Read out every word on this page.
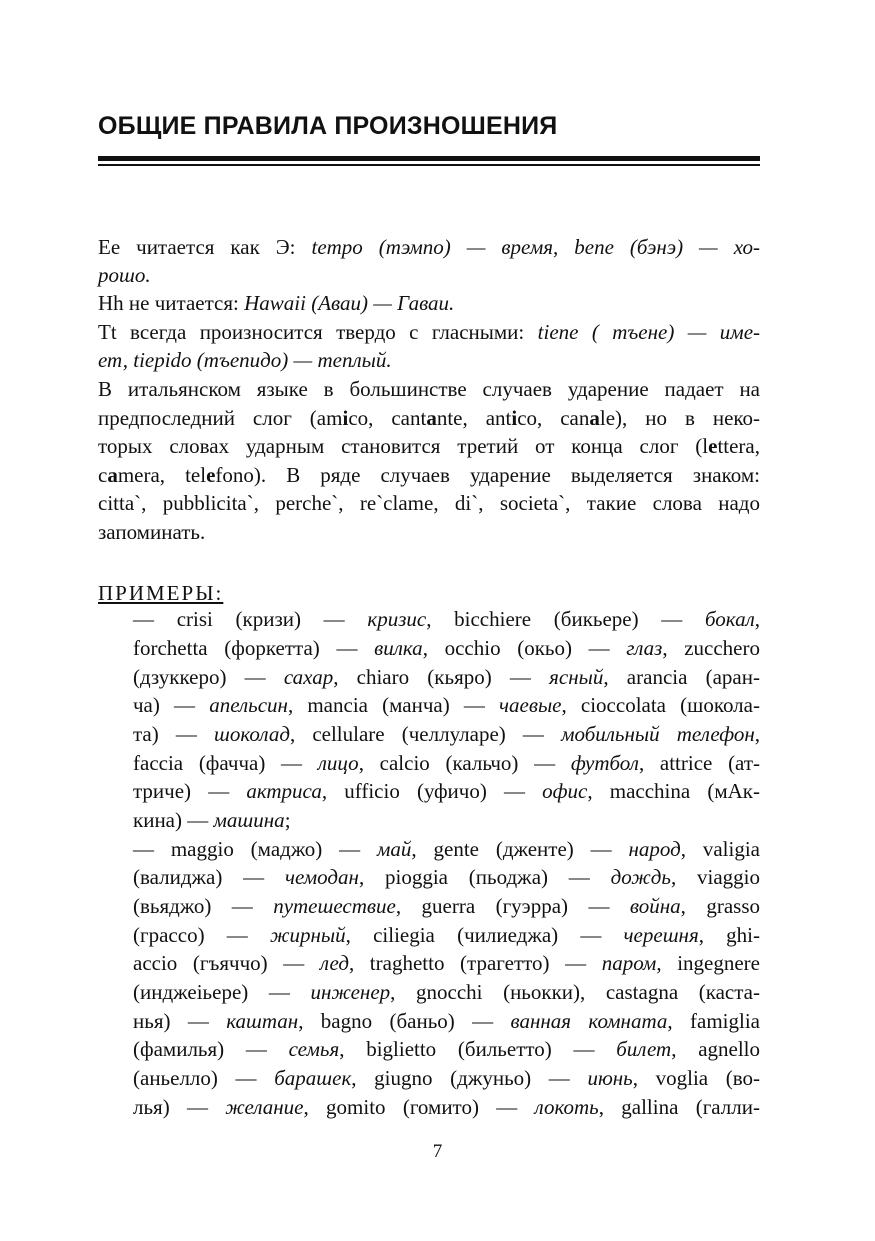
ОБЩИЕ ПРАВИЛА ПРОИЗНОШЕНИЯ
Ee читается как Э: tempo (тэмпо) — время, bene (бэнэ) — хо-
рошо.
Hh не читается: Hawaii (Аваи) — Гаваи.
Tt всегда произносится твердо с гласными: tiene ( тъене) — име-
ет, tiepido (тъепидо) — теплый.
В итальянском языке в большинстве случаев ударение падает на
предпоследний слог (amico, cantante, antico, canale), но в неко-
торых словах ударным становится третий от конца слог (lettera,
camera, telefono). В ряде случаев ударение выделяется знаком:
citta`, pubblicita`, perche`, re`clame, di`, societa`, такие слова надо
запоминать.
— crisi (кризи) — кризис, bicchiere (бикьере) — бокал,
forchetta (форкетта) — вилка, occhio (окьо) — глаз, zucchero
(дзуккеро) — сахар, chiaro (кьяро) — ясный, arancia (аран-
ча) — апельсин, mancia (манча) — чаевые, cioccolata (шокола-
та) — шоколад, cellulare (челлуларе) — мобильный телефон,
faccia (фачча) — лицо, calcio (кальчо) — футбол, attrice (ат-
триче) — актриса, ufficio (уфичо) — офис, macchina (мАк-
кина) — машина;
— maggio (маджо) — май, gente (дженте) — народ, valigia
(валиджа) — чемодан, pioggia (пьоджа) — дождь, viaggio
(вьяджо) — путешествие, guerra (гуэрра) — война, grasso
(грассо) — жирный, ciliegia (чилиеджа) — черешня, ghi-
accio (гъяччо) — лед, traghetto (трагетто) — паром, ingegnere
(инджеiьере) — инженер, gnocchi (ньокки), castagna (каста-
нья) — каштан, bagno (баньо) — ванная комната, famiglia
(фамилья) — семья, biglietto (бильетто) — билет, agnello
(аньелло) — барашек, giugno (джуньо) — июнь, voglia (во-
лья) — желание, gomito (гомито) — локоть, gallina (галли-
ПРИМЕРЫ:
7
